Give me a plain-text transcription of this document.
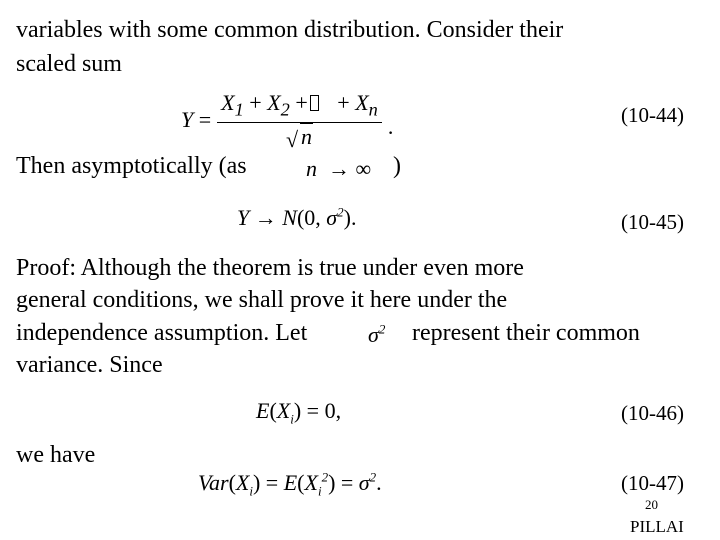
variables with some common distribution. Consider their
scaled sum
$Y = \frac{X_1 + X_2 + + X_n}{√ n}$ .	(10-44)
Then asymptotically (as	n  → ∞ )
Y → N(0, $\sigma^2$).	(10-45)
Proof: Although the theorem is true under even more
general conditions, we shall prove it here under the
independence assumption. Let	$\sigma^2$ represent their common
variance. Since
$E(X_i) = 0$,	(10-46)
we have
$Var(X_i) = E(X_i^2) = \sigma^2$.	(10-47)
20
PILLAI
